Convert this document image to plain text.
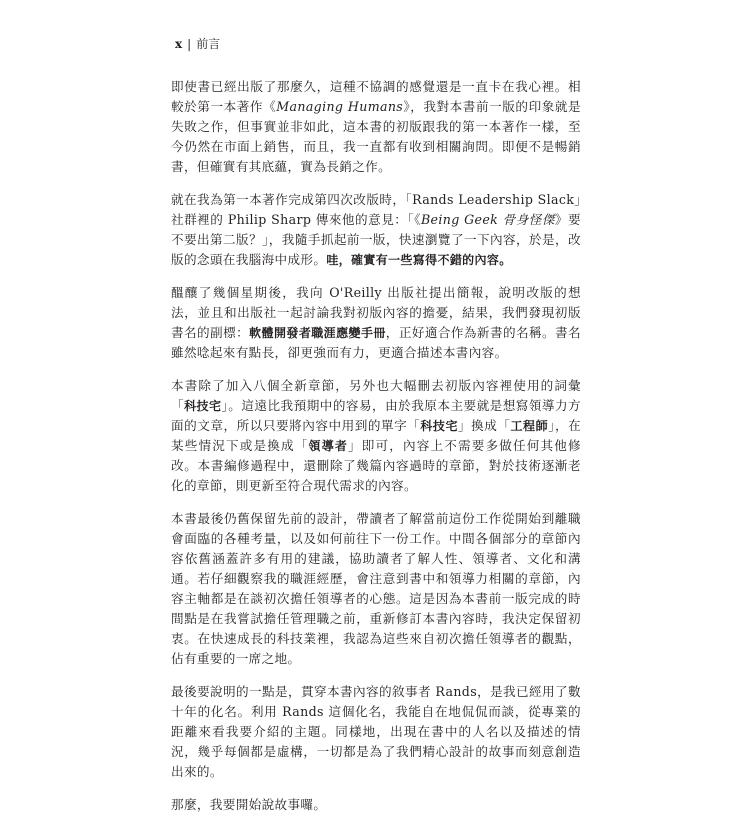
x | 前言

即使書已經出版了那麼久，這種不協調的感覺還是一直卡在我心裡。相較於第一本著作《Managing Humans》，我對本書前一版的印象就是失敗之作，但事實並非如此，這本書的初版跟我的第一本著作一樣，至今仍然在市面上銷售，而且，我一直都有收到相關詢問。即便不是暢銷書，但確實有其底蘊，實為長銷之作。

就在我為第一本著作完成第四次改版時，「Rands Leadership Slack」社群裡的 Philip Sharp 傳來他的意見：「《Being Geek 骨身怪傑》要不要出第二版？」，我隨手抓起前一版，快速瀏覽了一下內容，於是，改版的念頭在我腦海中成形。哇，確實有一些寫得不錯的內容。

醞釀了幾個星期後，我向 O'Reilly 出版社提出簡報，說明改版的想法，並且和出版社一起討論我對初版內容的擔憂，結果，我們發現初版書名的副標：軟體開發者職涯應變手冊，正好適合作為新書的名稱。書名雖然唸起來有點長，卻更強而有力，更適合描述本書內容。

本書除了加入八個全新章節，另外也大幅刪去初版內容裡使用的詞彙「科技宅」。這遠比我預期中的容易，由於我原本主要就是想寫領導力方面的文章，所以只要將內容中用到的單字「科技宅」換成「工程師」，在某些情況下或是換成「領導者」即可，內容上不需要多做任何其他修改。本書編修過程中，還刪除了幾篇內容過時的章節，對於技術逐漸老化的章節，則更新至符合現代需求的內容。

本書最後仍舊保留先前的設計，帶讀者了解當前這份工作從開始到離職會面臨的各種考量，以及如何前往下一份工作。中間各個部分的章節內容依舊涵蓋許多有用的建議，協助讀者了解人性、領導者、文化和溝通。若仔細觀察我的職涯經歷，會注意到書中和領導力相關的章節，內容主軸都是在談初次擔任領導者的心態。這是因為本書前一版完成的時間點是在我嘗試擔任管理職之前，重新修訂本書內容時，我決定保留初衷。在快速成長的科技業裡，我認為這些來自初次擔任領導者的觀點，佔有重要的一席之地。

最後要說明的一點是，貫穿本書內容的敘事者 Rands，是我已經用了數十年的化名。利用 Rands 這個化名，我能自在地侃侃而談，從專業的距離來看我要介紹的主題。同樣地，出現在書中的人名以及描述的情況，幾乎每個都是虛構，一切都是為了我們精心設計的故事而刻意創造出來的。

那麼，我要開始說故事囉。
